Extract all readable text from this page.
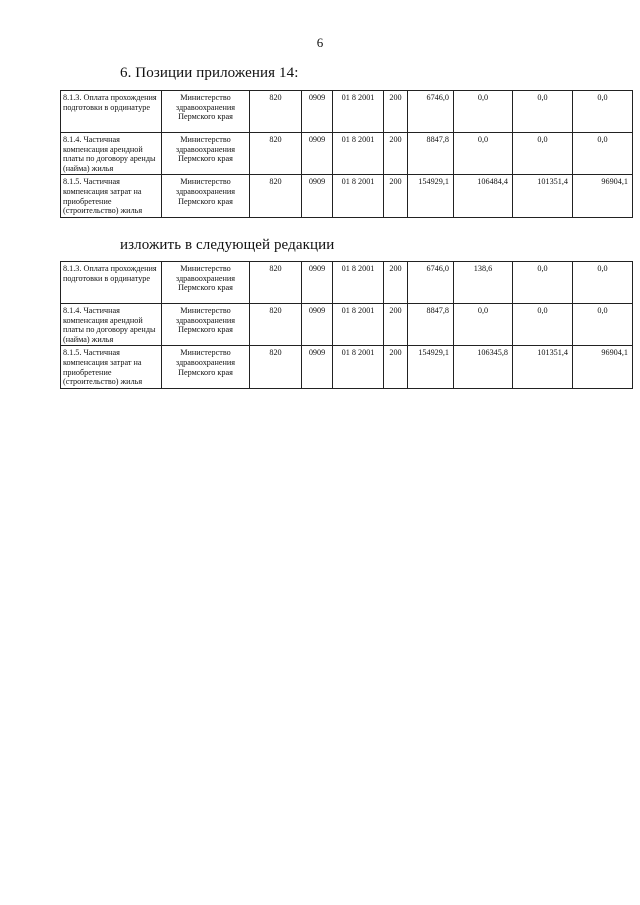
6
6. Позиции приложения 14:
8.1.3. Оплата прохождения подготовки в ординатуре	Министерство здравоохранения Пермского края	820	0909	01 8 2001	200	6746,0	0,0	0,0	0,0
8.1.4. Частичная компенсация арендной платы по договору аренды (найма) жилья	Министерство здравоохранения Пермского края	820	0909	01 8 2001	200	8847,8	0,0	0,0	0,0
8.1.5. Частичная компенсация затрат на приобретение (строительство) жилья	Министерство здравоохранения Пермского края	820	0909	01 8 2001	200	154929,1	106484,4	101351,4	96904,1
изложить в следующей редакции
8.1.3. Оплата прохождения подготовки в ординатуре	Министерство здравоохранения Пермского края	820	0909	01 8 2001	200	6746,0	138,6	0,0	0,0
8.1.4. Частичная компенсация арендной платы по договору аренды (найма) жилья	Министерство здравоохранения Пермского края	820	0909	01 8 2001	200	8847,8	0,0	0,0	0,0
8.1.5. Частичная компенсация затрат на приобретение (строительство) жилья	Министерство здравоохранения Пермского края	820	0909	01 8 2001	200	154929,1	106345,8	101351,4	96904,1
